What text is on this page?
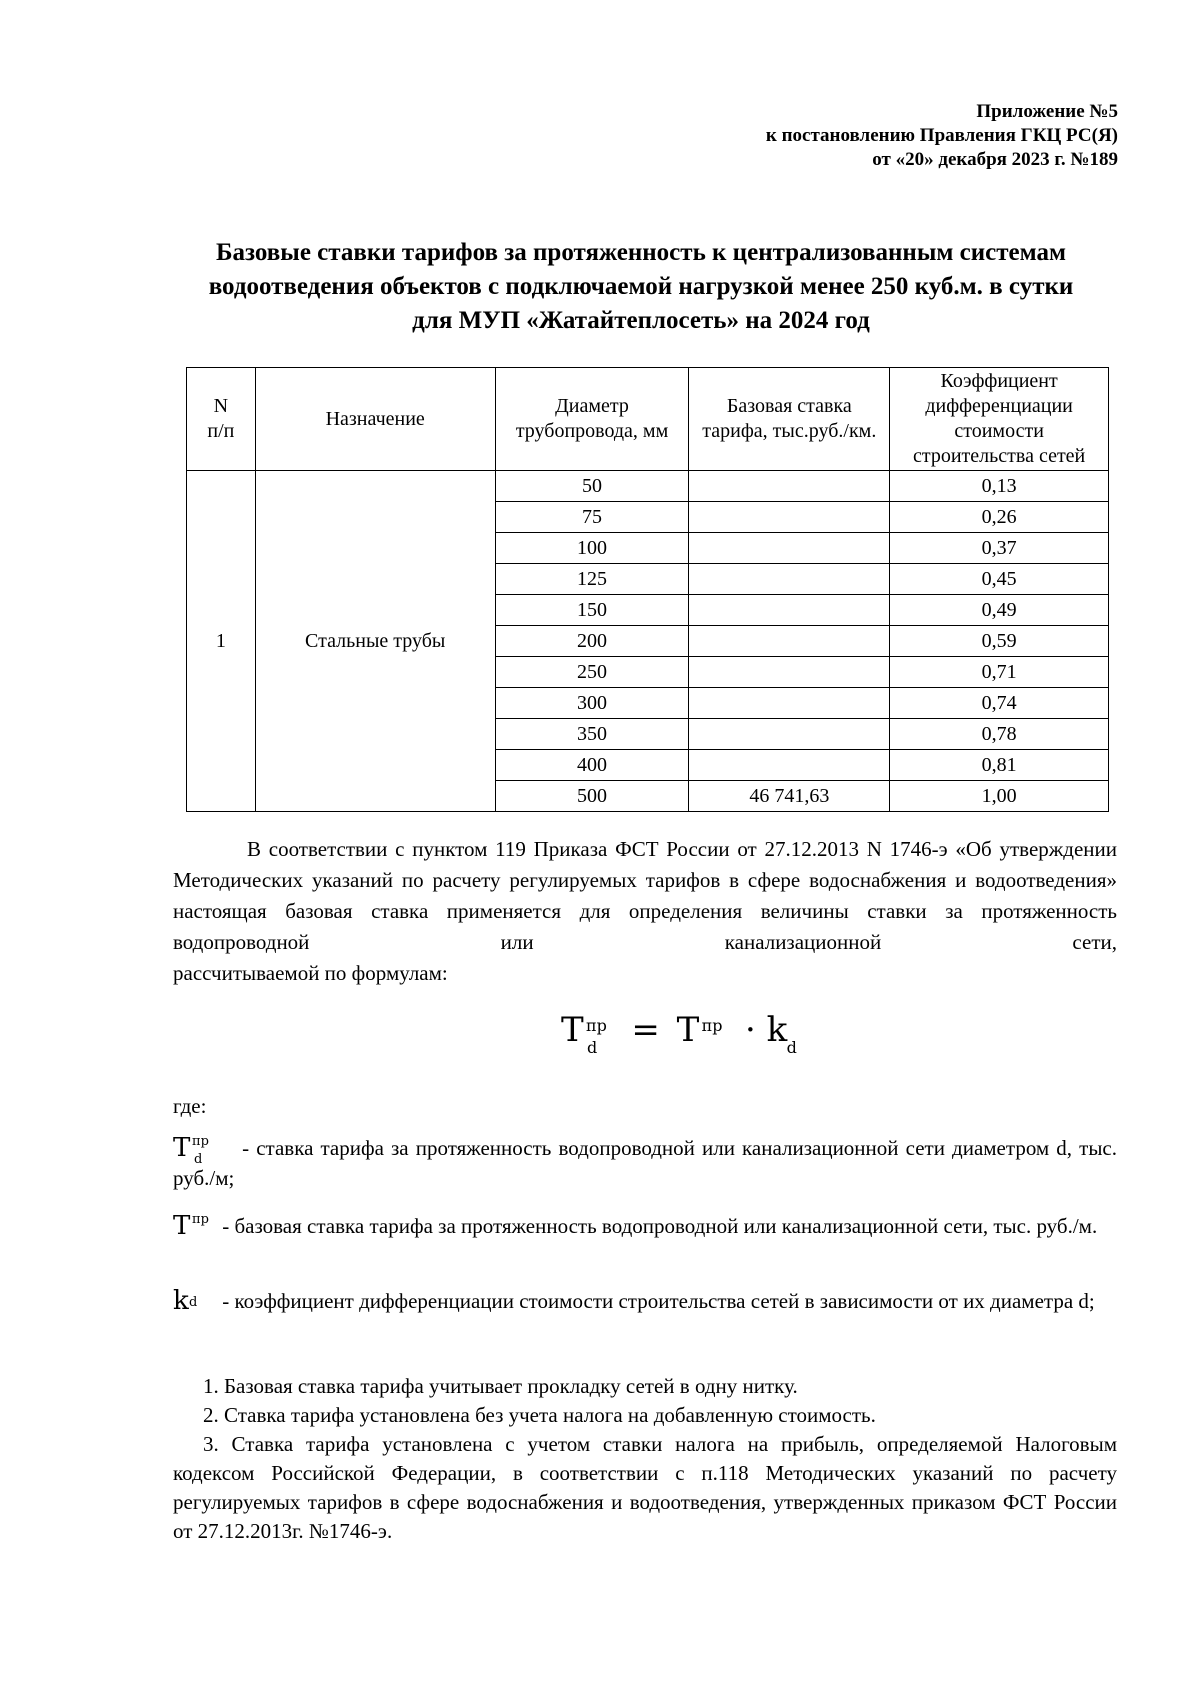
Приложение №5
к постановлению Правления ГКЦ РС(Я)
от «20» декабря 2023 г. №189
Базовые ставки тарифов за протяженность к централизованным системам
водоотведения объектов с подключаемой нагрузкой менее 250 куб.м. в сутки
для МУП «Жатайтеплосеть» на 2024 год
N
п/п	Назначение	Диаметр трубопровода, мм	Базовая ставка тарифа, тыс.руб./км.	Коэффициент дифференциации стоимости строительства сетей
1	Стальные трубы	50		0,13
		75		0,26
		100		0,37
		125		0,45
		150		0,49
		200		0,59
		250		0,71
		300		0,74
		350		0,78
		400		0,81
		500	46 741,63	1,00
В соответствии с пунктом 119 Приказа ФСТ России от 27.12.2013 N 1746-э «Об утверждении Методических указаний по расчету регулируемых тарифов в сфере водоснабжения и водоотведения» настоящая базовая ставка применяется для определения величины ставки за протяженность водопроводной или канализационной сети,
рассчитываемой по формулам:
T пр
d = T пр · k d
где:
T пр
d - ставка тарифа за протяженность водопроводной или канализационной сети диаметром d, тыс. руб./м;
T пр - базовая ставка тарифа за протяженность водопроводной или канализационной сети, тыс. руб./м.
k d - коэффициент дифференциации стоимости строительства сетей в зависимости от их диаметра d;
1. Базовая ставка тарифа учитывает прокладку сетей в одну нитку.
2. Ставка тарифа установлена без учета налога на добавленную стоимость.
3. Ставка тарифа установлена с учетом ставки налога на прибыль, определяемой Налоговым кодексом Российской Федерации, в соответствии с п.118 Методических указаний по расчету регулируемых тарифов в сфере водоснабжения и водоотведения, утвержденных приказом ФСТ России от 27.12.2013г. №1746-э.
